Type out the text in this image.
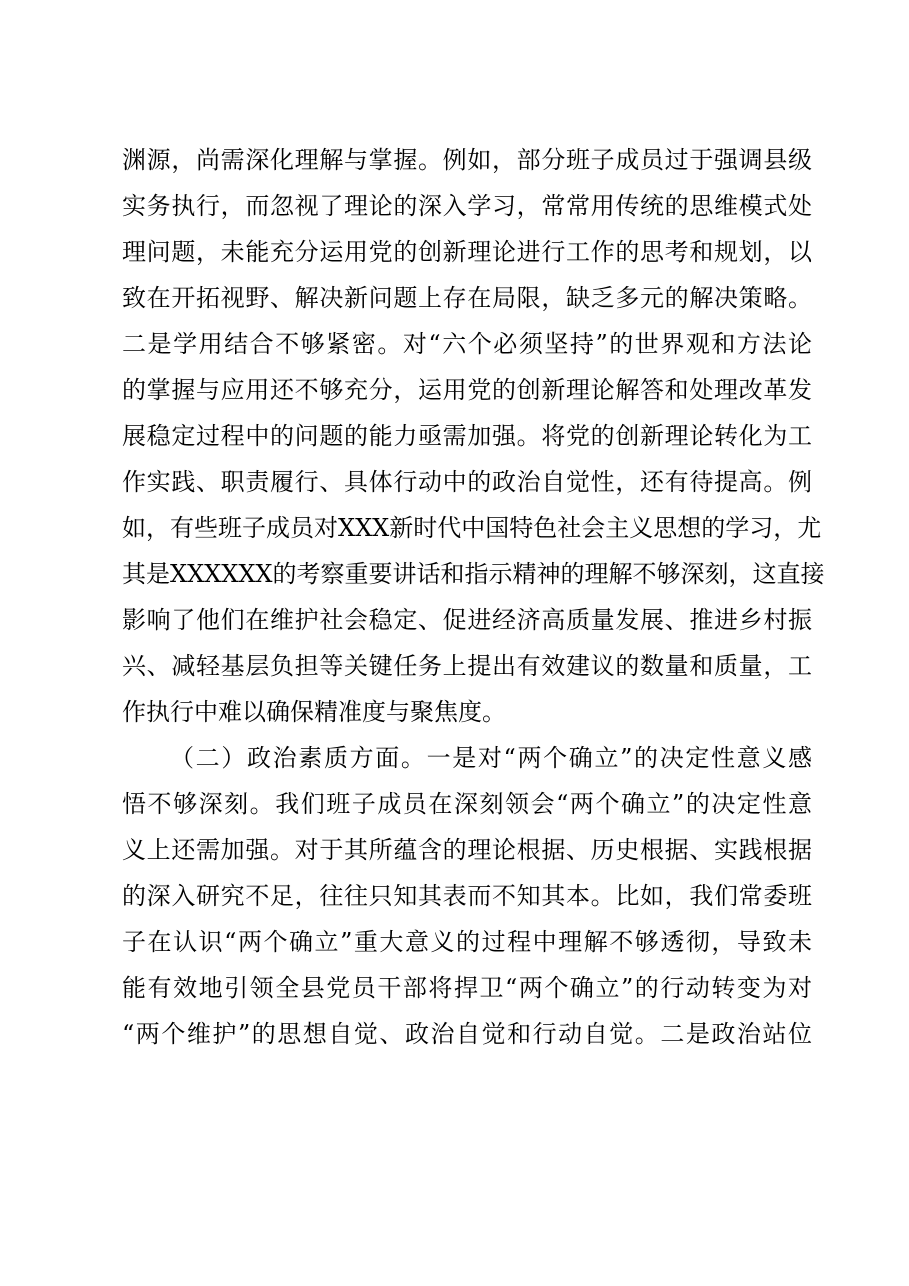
渊源，尚需深化理解与掌握。例如，部分班子成员过于强调县级
实务执行，而忽视了理论的深入学习，常常用传统的思维模式处
理问题，未能充分运用党的创新理论进行工作的思考和规划，以
致在开拓视野、解决新问题上存在局限，缺乏多元的解决策略。
二是学用结合不够紧密。对“六个必须坚持”的世界观和方法论
的掌握与应用还不够充分，运用党的创新理论解答和处理改革发
展稳定过程中的问题的能力亟需加强。将党的创新理论转化为工
作实践、职责履行、具体行动中的政治自觉性，还有待提高。例
如，有些班子成员对XXX新时代中国特色社会主义思想的学习，尤
其是XXXXXX的考察重要讲话和指示精神的理解不够深刻，这直接
影响了他们在维护社会稳定、促进经济高质量发展、推进乡村振
兴、减轻基层负担等关键任务上提出有效建议的数量和质量，工
作执行中难以确保精准度与聚焦度。
（二）政治素质方面。一是对“两个确立”的决定性意义感
悟不够深刻。我们班子成员在深刻领会“两个确立”的决定性意
义上还需加强。对于其所蕴含的理论根据、历史根据、实践根据
的深入研究不足，往往只知其表而不知其本。比如，我们常委班
子在认识“两个确立”重大意义的过程中理解不够透彻，导致未
能有效地引领全县党员干部将捍卫“两个确立”的行动转变为对
“两个维护”的思想自觉、政治自觉和行动自觉。二是政治站位
